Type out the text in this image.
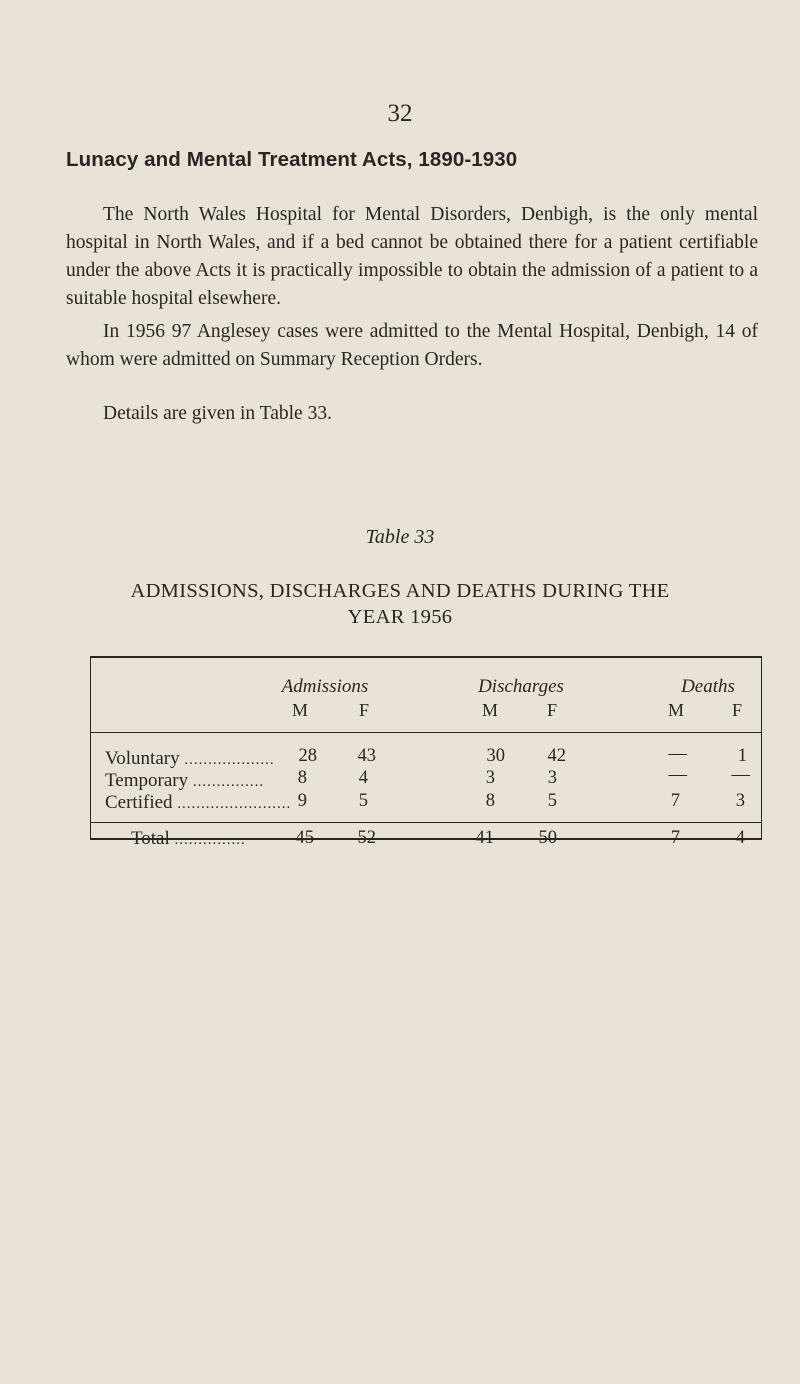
32
Lunacy and Mental Treatment Acts, 1890-1930

The North Wales Hospital for Mental Disorders, Denbigh, is the only mental hospital in North Wales, and if a bed cannot be obtained there for a patient certifiable under the above Acts it is practically impossible to obtain the admission of a patient to a suitable hospital elsewhere.

In 1956 97 Anglesey cases were admitted to the Mental Hospital, Denbigh, 14 of whom were admitted on Summary Reception Orders.

Details are given in Table 33.

Table 33
ADMISSIONS, DISCHARGES AND DEATHS DURING THE
YEAR 1956
Admissions	Discharges	Deaths
M	F	M	F	M	F
Voluntary ...................	28	43	30	42	—	1
Temporary ...............	8	4	3	3	—	—
Certified ........................ 9	5	8	5	7	3
Total ...............	45	52	41	50	7	4
